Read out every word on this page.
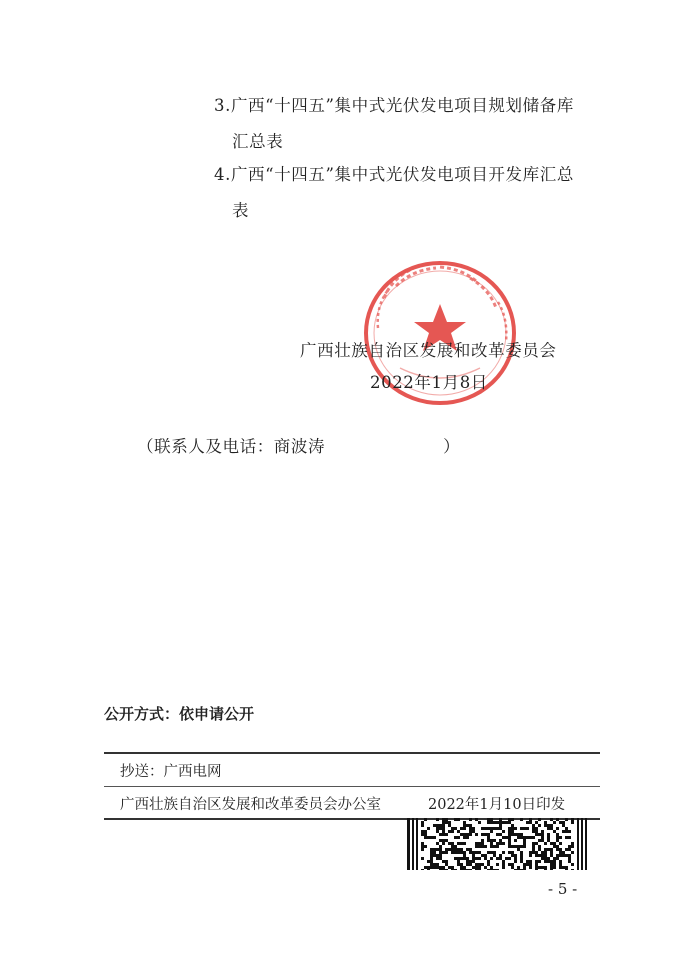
3.广西“十四五”集中式光伏发电项目规划储备库
汇总表
4.广西“十四五”集中式光伏发电项目开发库汇总
表
广西壮族自治区发展和改革委员会
2022年1月8日
（联系人及电话：商波涛	）
公开方式：依申请公开
抄送：广西电网
广西壮族自治区发展和改革委员会办公室	2022年1月10日印发
- 5 -
